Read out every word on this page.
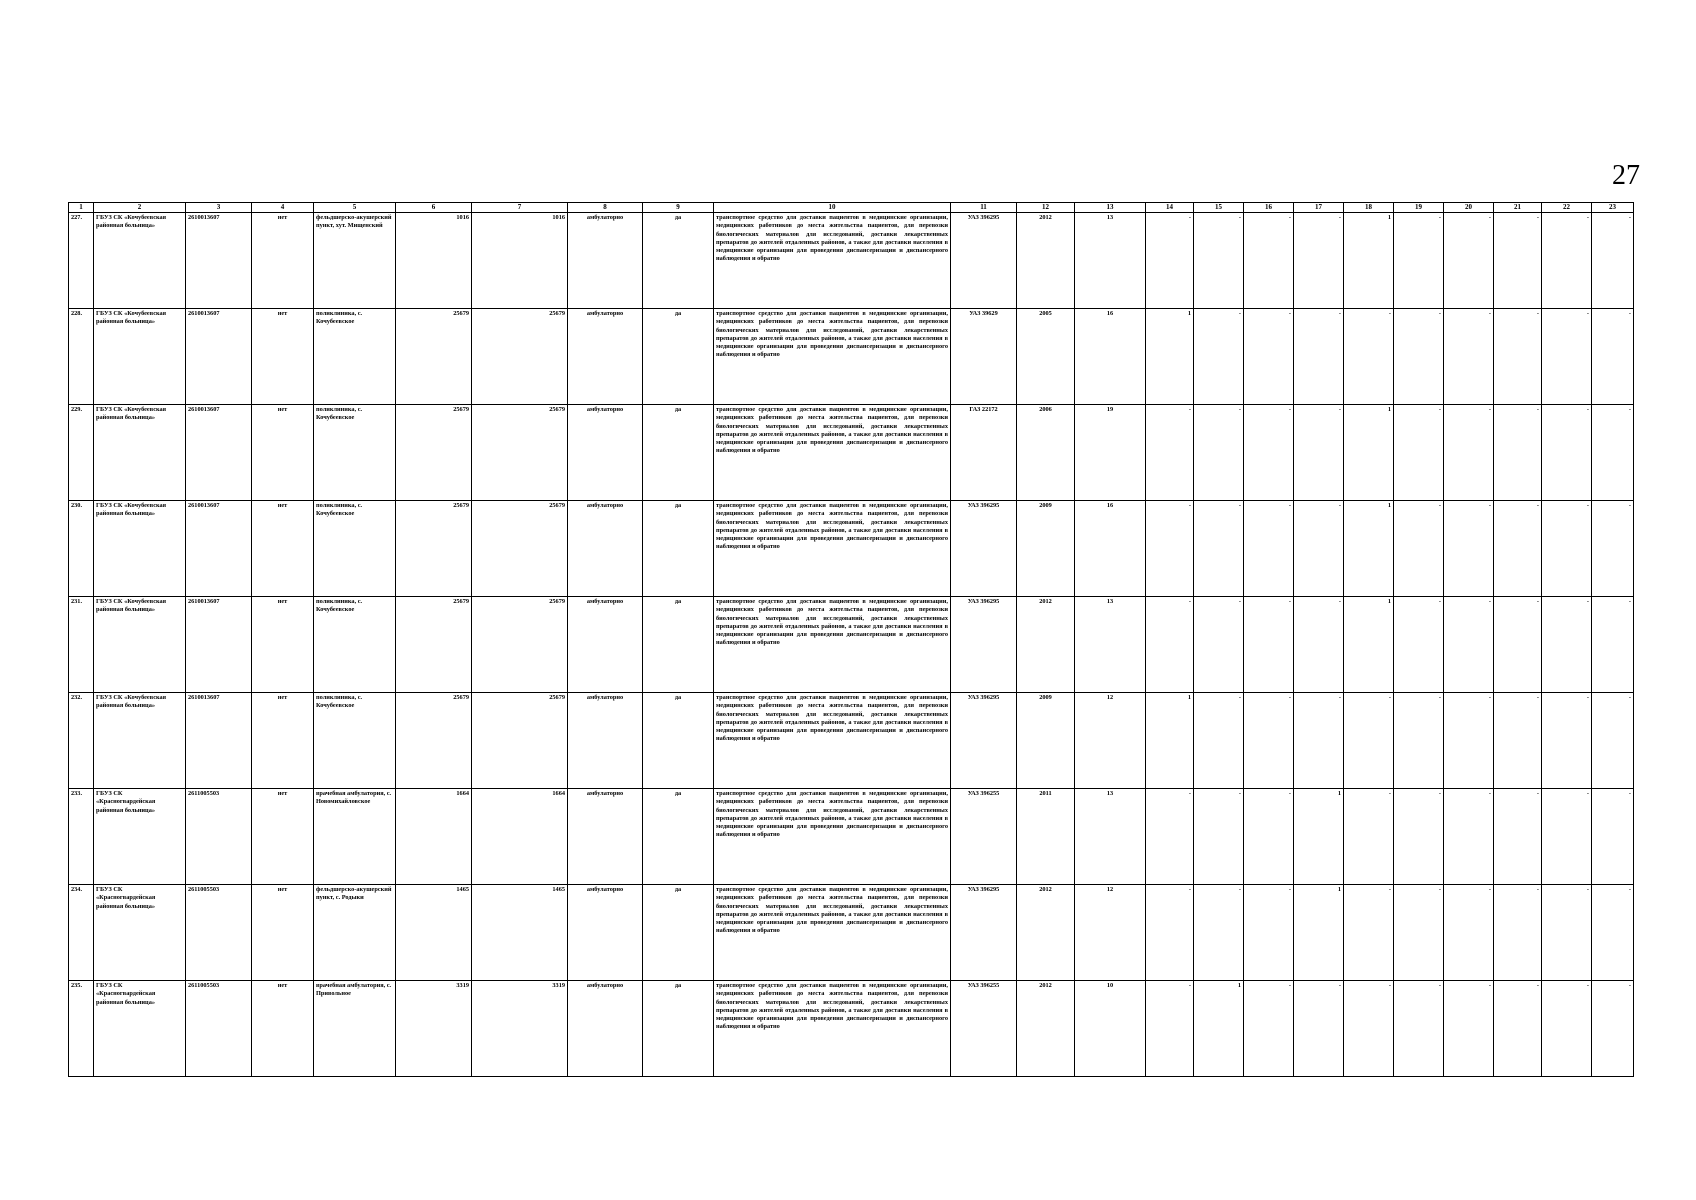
27
1	2	3	4	5	6	7	8	9	10	11	12	13	14	15	16	17	18	19	20	21	22	23
227.	ГБУЗ СК «Кочубеевская районная больница»	2610013607	нет	фельдшерско-акушерский пункт, хут. Мищенский	1016	1016	амбулаторно	да	транспортное средство для доставки пациентов в медицинские организации, медицинских работников до места жительства пациентов, для перевозки биологических материалов для исследований, доставки лекарственных препаратов до жителей отдаленных районов, а также для доставки населения в медицинские организации для проведения диспансеризации и диспансерного наблюдения и обратно	УАЗ 396295	2012	13	-	-	-	-	1	-	-	-	-	-
228.	ГБУЗ СК «Кочубеевская районная больница»	2610013607	нет	поликлиника, с. Кочубеевское	25679	25679	амбулаторно	да	транспортное средство для доставки пациентов в медицинские организации, медицинских работников до места жительства пациентов, для перевозки биологических материалов для исследований, доставки лекарственных препаратов до жителей отдаленных районов, а также для доставки населения в медицинские организации для проведения диспансеризации и диспансерного наблюдения и обратно	УАЗ 39629	2005	16	1	-	-	-	-	-	-	-	-	-
229.	ГБУЗ СК «Кочубеевская районная больница»	2610013607	нет	поликлиника, с. Кочубеевское	25679	25679	амбулаторно	да	транспортное средство для доставки пациентов в медицинские организации, медицинских работников до места жительства пациентов, для перевозки биологических материалов для исследований, доставки лекарственных препаратов до жителей отдаленных районов, а также для доставки населения в медицинские организации для проведения диспансеризации и диспансерного наблюдения и обратно	ГАЗ 22172	2006	19	-	-	-	-	1	-	-	-	-	-
230.	ГБУЗ СК «Кочубеевская районная больница»	2610013607	нет	поликлиника, с. Кочубеевское	25679	25679	амбулаторно	да	транспортное средство для доставки пациентов в медицинские организации, медицинских работников до места жительства пациентов, для перевозки биологических материалов для исследований, доставки лекарственных препаратов до жителей отдаленных районов, а также для доставки населения в медицинские организации для проведения диспансеризации и диспансерного наблюдения и обратно	УАЗ 396295	2009	16	-	-	-	-	1	-	-	-	-	-
231.	ГБУЗ СК «Кочубеевская районная больница»	2610013607	нет	поликлиника, с. Кочубеевское	25679	25679	амбулаторно	да	транспортное средство для доставки пациентов в медицинские организации, медицинских работников до места жительства пациентов, для перевозки биологических материалов для исследований, доставки лекарственных препаратов до жителей отдаленных районов, а также для доставки населения в медицинские организации для проведения диспансеризации и диспансерного наблюдения и обратно	УАЗ 396295	2012	13	-	-	-	-	1	-	-	-	-	-
232.	ГБУЗ СК «Кочубеевская районная больница»	2610013607	нет	поликлиника, с. Кочубеевское	25679	25679	амбулаторно	да	транспортное средство для доставки пациентов в медицинские организации, медицинских работников до места жительства пациентов, для перевозки биологических материалов для исследований, доставки лекарственных препаратов до жителей отдаленных районов, а также для доставки населения в медицинские организации для проведения диспансеризации и диспансерного наблюдения и обратно	УАЗ 396295	2009	12	1	-	-	-	-	-	-	-	-	-
233.	ГБУЗ СК «Красногвардейская районная больница»	2611005503	нет	врачебная амбулатория, с. Новомихайловское	1664	1664	амбулаторно	да	транспортное средство для доставки пациентов в медицинские организации, медицинских работников до места жительства пациентов, для перевозки биологических материалов для исследований, доставки лекарственных препаратов до жителей отдаленных районов, а также для доставки населения в медицинские организации для проведения диспансеризации и диспансерного наблюдения и обратно	УАЗ 396255	2011	13	-	-	-	1	-	-	-	-	-	-
234.	ГБУЗ СК «Красногвардейская районная больница»	2611005503	нет	фельдшерско-акушерский пункт, с. Родыки	1465	1465	амбулаторно	да	транспортное средство для доставки пациентов в медицинские организации, медицинских работников до места жительства пациентов, для перевозки биологических материалов для исследований, доставки лекарственных препаратов до жителей отдаленных районов, а также для доставки населения в медицинские организации для проведения диспансеризации и диспансерного наблюдения и обратно	УАЗ 396295	2012	12	-	-	-	1	-	-	-	-	-	-
235.	ГБУЗ СК «Красногвардейская районная больница»	2611005503	нет	врачебная амбулатория, с. Привольное	3319	3319	амбулаторно	да	транспортное средство для доставки пациентов в медицинские организации, медицинских работников до места жительства пациентов, для перевозки биологических материалов для исследований, доставки лекарственных препаратов до жителей отдаленных районов, а также для доставки населения в медицинские организации для проведения диспансеризации и диспансерного наблюдения и обратно	УАЗ 396255	2012	10	-	1	-	-	-	-	-	-	-	-
